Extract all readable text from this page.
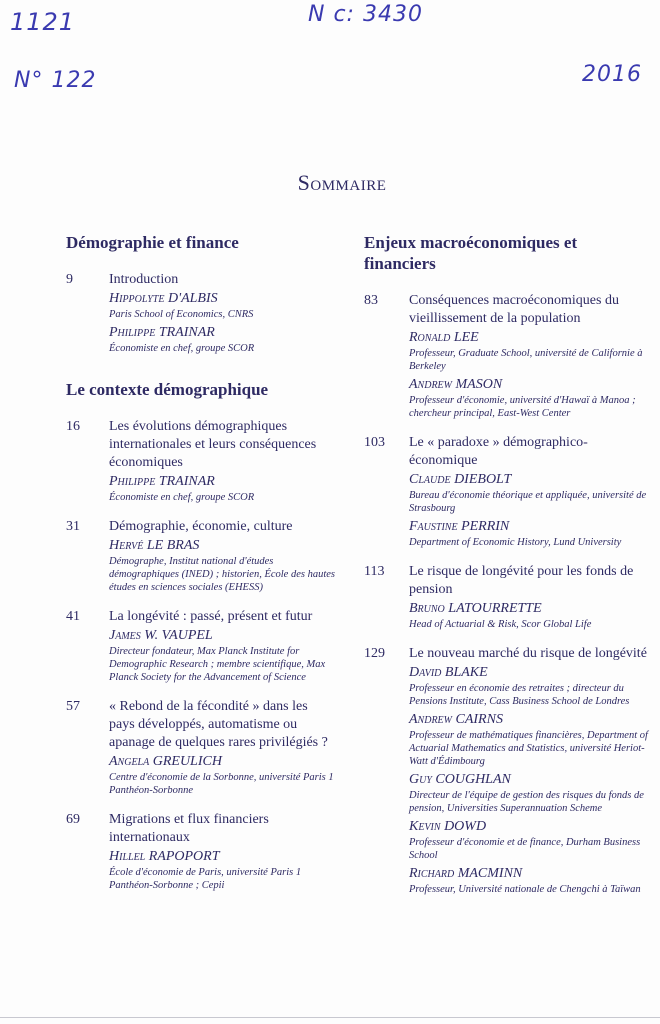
1121	N c: 3430
N° 122	2016
Sommaire
Démographie et finance
9	Introduction
Hippolyte D'ALBIS
Paris School of Economics, CNRS
Philippe TRAINAR
Économiste en chef, groupe SCOR
Le contexte démographique
16 Les évolutions démographiques internationales et leurs conséquences économiques
Philippe TRAINAR
Économiste en chef, groupe SCOR
31 Démographie, économie, culture
Hervé LE BRAS
Démographe, Institut national d'études démographiques (INED) ; historien, École des hautes études en sciences sociales (EHESS)
41 La longévité : passé, présent et futur
James W. VAUPEL
Directeur fondateur, Max Planck Institute for Demographic Research ; membre scientifique, Max Planck Society for the Advancement of Science
57 « Rebond de la fécondité » dans les pays développés, automatisme ou apanage de quelques rares privilégiés ?
Angela GREULICH
Centre d'économie de la Sorbonne, université Paris 1 Panthéon-Sorbonne
69 Migrations et flux financiers internationaux
Hillel RAPOPORT
École d'économie de Paris, université Paris 1 Panthéon-Sorbonne ; Cepii
Enjeux macroéconomiques et financiers
83 Conséquences macroéconomiques du vieillissement de la population
Ronald LEE
Professeur, Graduate School, université de Californie à Berkeley
Andrew MASON
Professeur d'économie, université d'Hawaï à Manoa ; chercheur principal, East-West Center
103 Le « paradoxe » démographico-économique
Claude DIEBOLT
Bureau d'économie théorique et appliquée, université de Strasbourg
Faustine PERRIN
Department of Economic History, Lund University
113 Le risque de longévité pour les fonds de pension
Bruno LATOURRETTE
Head of Actuarial & Risk, Scor Global Life
129 Le nouveau marché du risque de longévité
David BLAKE
Professeur en économie des retraites ; directeur du Pensions Institute, Cass Business School de Londres
Andrew CAIRNS
Professeur de mathématiques financières, Department of Actuarial Mathematics and Statistics, université Heriot-Watt d'Édimbourg
Guy COUGHLAN
Directeur de l'équipe de gestion des risques du fonds de pension, Universities Superannuation Scheme
Kevin DOWD
Professeur d'économie et de finance, Durham Business School
Richard MACMINN
Professeur, Université nationale de Chengchi à Taïwan
